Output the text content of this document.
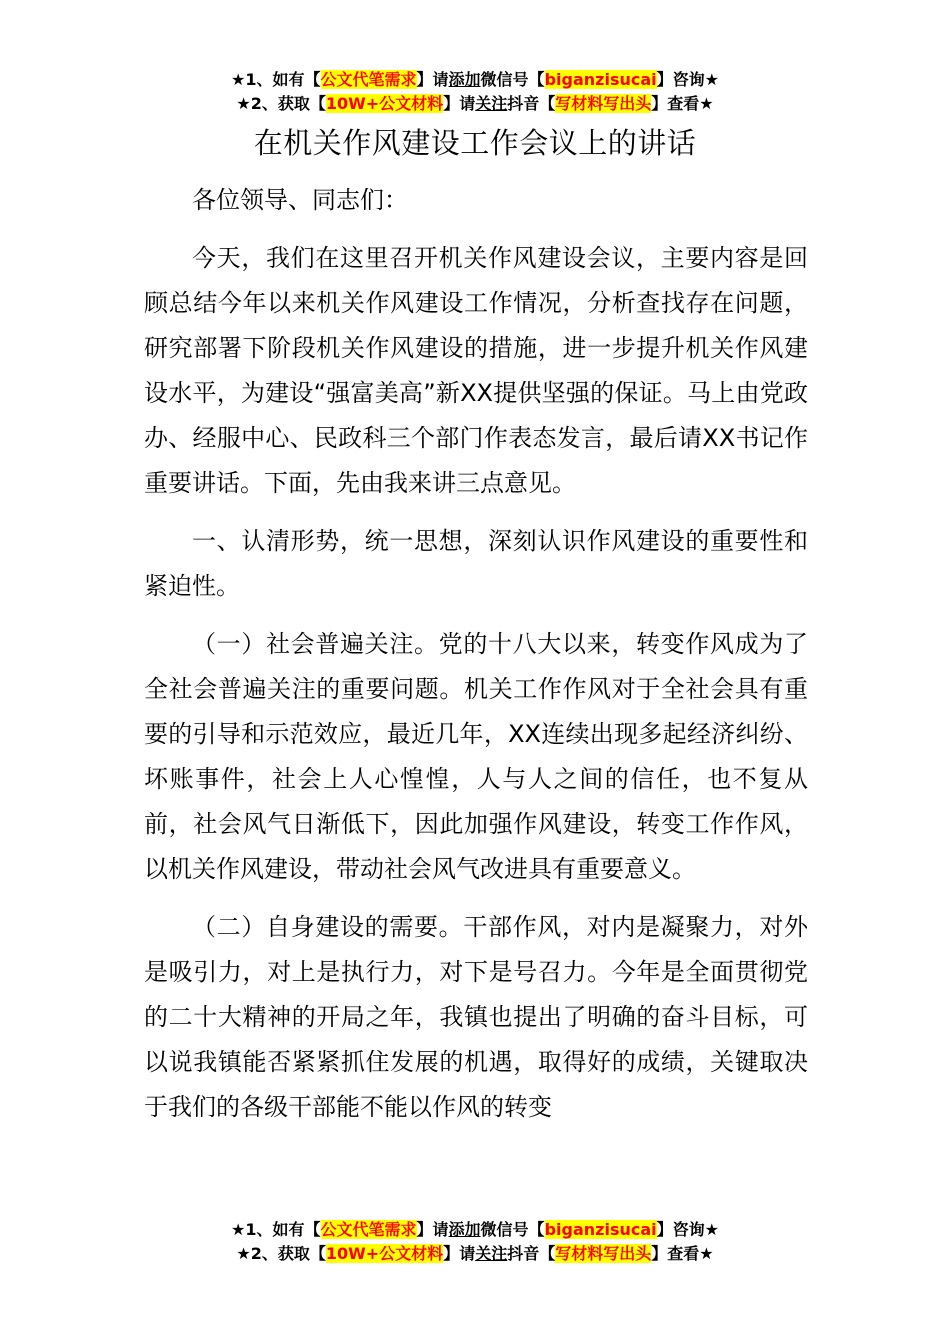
★1、如有【公文代笔需求】请添加微信号【biganzisucai】咨询★
★2、获取【10W+公文材料】请关注抖音【写材料写出头】查看★
在机关作风建设工作会议上的讲话

各位领导、同志们：

今天，我们在这里召开机关作风建设会议，主要内容是回顾总结今年以来机关作风建设工作情况，分析查找存在问题，研究部署下阶段机关作风建设的措施，进一步提升机关作风建设水平，为建设“强富美高”新XX提供坚强的保证。马上由党政办、经服中心、民政科三个部门作表态发言，最后请XX书记作重要讲话。下面，先由我来讲三点意见。

一、认清形势，统一思想，深刻认识作风建设的重要性和紧迫性。

（一）社会普遍关注。党的十八大以来，转变作风成为了全社会普遍关注的重要问题。机关工作作风对于全社会具有重要的引导和示范效应，最近几年，XX连续出现多起经济纠纷、坏账事件，社会上人心惶惶，人与人之间的信任，也不复从前，社会风气日渐低下，因此加强作风建设，转变工作作风，以机关作风建设，带动社会风气改进具有重要意义。

（二）自身建设的需要。干部作风，对内是凝聚力，对外是吸引力，对上是执行力，对下是号召力。今年是全面贯彻党的二十大精神的开局之年，我镇也提出了明确的奋斗目标，可以说我镇能否紧紧抓住发展的机遇，取得好的成绩，关键取决于我们的各级干部能不能以作风的转变

★1、如有【公文代笔需求】请添加微信号【biganzisucai】咨询★
★2、获取【10W+公文材料】请关注抖音【写材料写出头】查看★
